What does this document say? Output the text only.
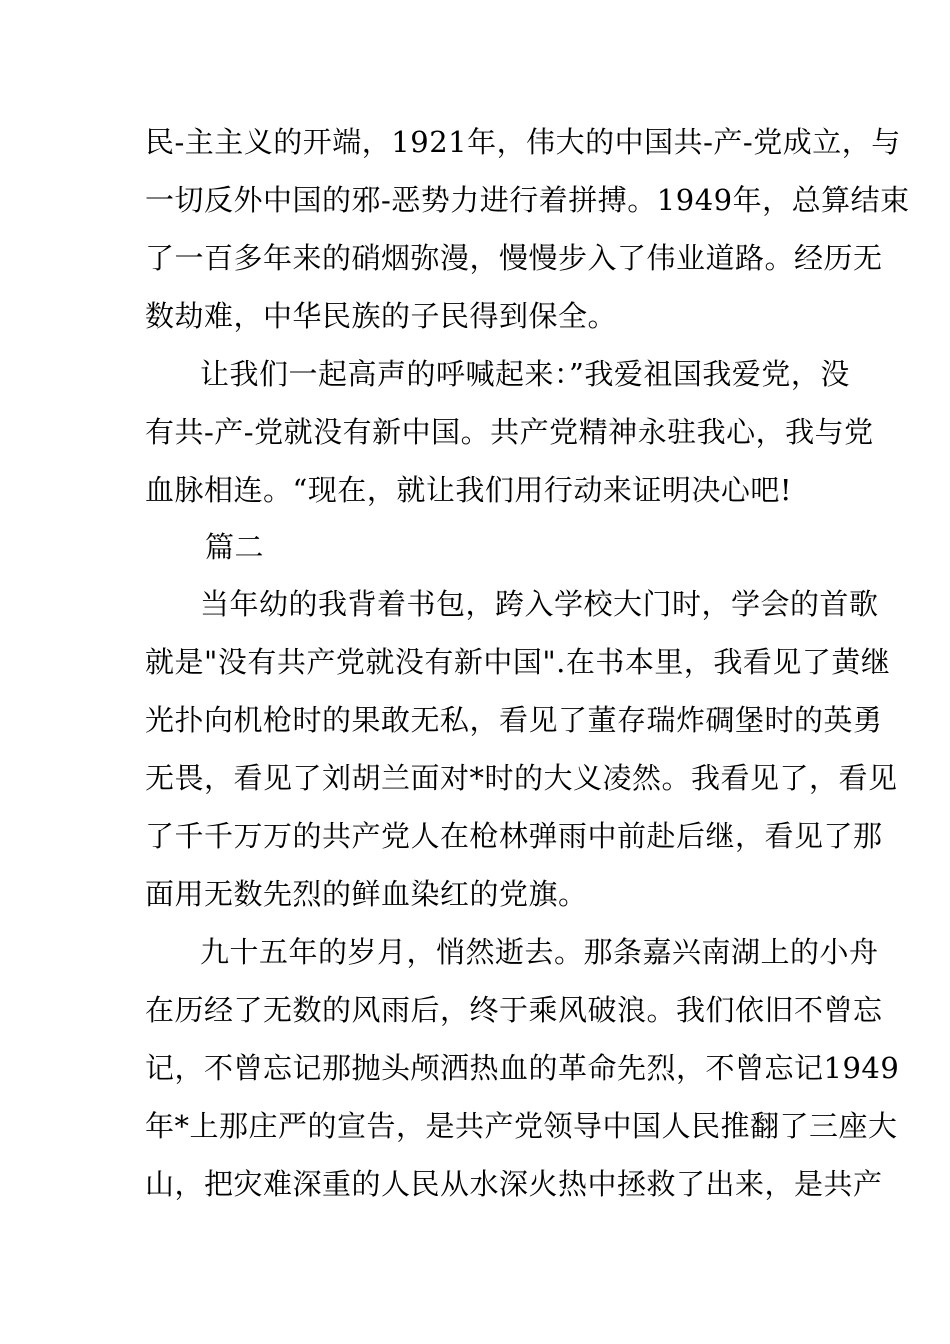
民-主主义的开端，1921年，伟大的中国共-产-党成立，与
一切反外中国的邪-恶势力进行着拼搏。1949年，总算结束
了一百多年来的硝烟弥漫，慢慢步入了伟业道路。经历无
数劫难，中华民族的子民得到保全。
让我们一起高声的呼喊起来：”我爱祖国我爱党，没
有共-产-党就没有新中国。共产党精神永驻我心，我与党
血脉相连。“现在，就让我们用行动来证明决心吧!
篇二
当年幼的我背着书包，跨入学校大门时，学会的首歌
就是"没有共产党就没有新中国".在书本里，我看见了黄继
光扑向机枪时的果敢无私，看见了董存瑞炸碉堡时的英勇
无畏，看见了刘胡兰面对*时的大义凌然。我看见了，看见
了千千万万的共产党人在枪林弹雨中前赴后继，看见了那
面用无数先烈的鲜血染红的党旗。
九十五年的岁月，悄然逝去。那条嘉兴南湖上的小舟
在历经了无数的风雨后，终于乘风破浪。我们依旧不曾忘
记，不曾忘记那抛头颅洒热血的革命先烈，不曾忘记1949
年*上那庄严的宣告，是共产党领导中国人民推翻了三座大
山，把灾难深重的人民从水深火热中拯救了出来，是共产
